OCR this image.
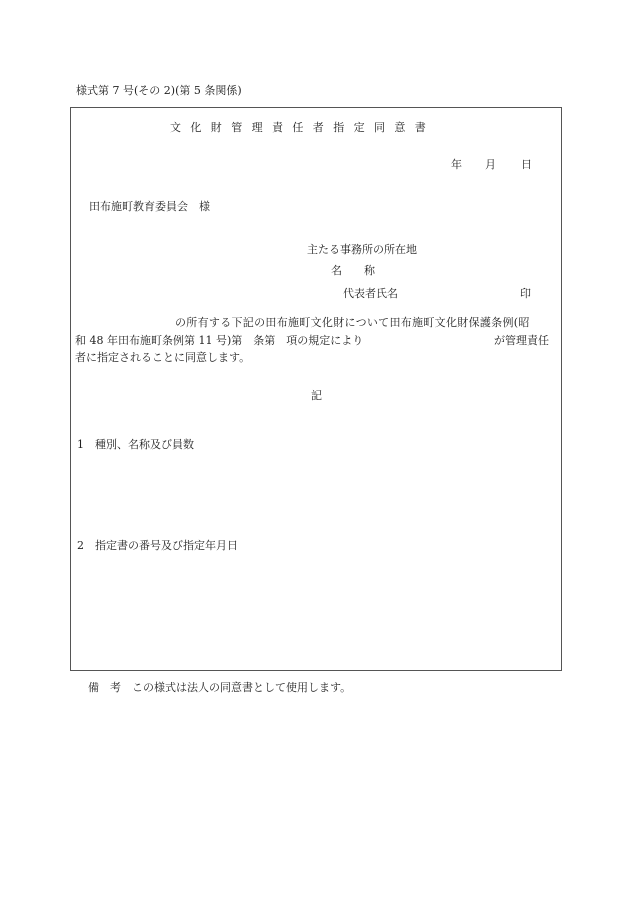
様式第 7 号(その 2)(第 5 条関係)
文化財管理責任者指定同意書
年 月 日
田布施町教育委員会　様
主たる事務所の所在地
名　　称
代表者氏名	印
の所有する下記の田布施町文化財について田布施町文化財保護条例(昭
和 48 年田布施町条例第 11 号)第　条第　項の規定により	が管理責任
者に指定されることに同意します。
記
1　種別、名称及び員数
2　指定書の番号及び指定年月日
備　考　この様式は法人の同意書として使用します。
